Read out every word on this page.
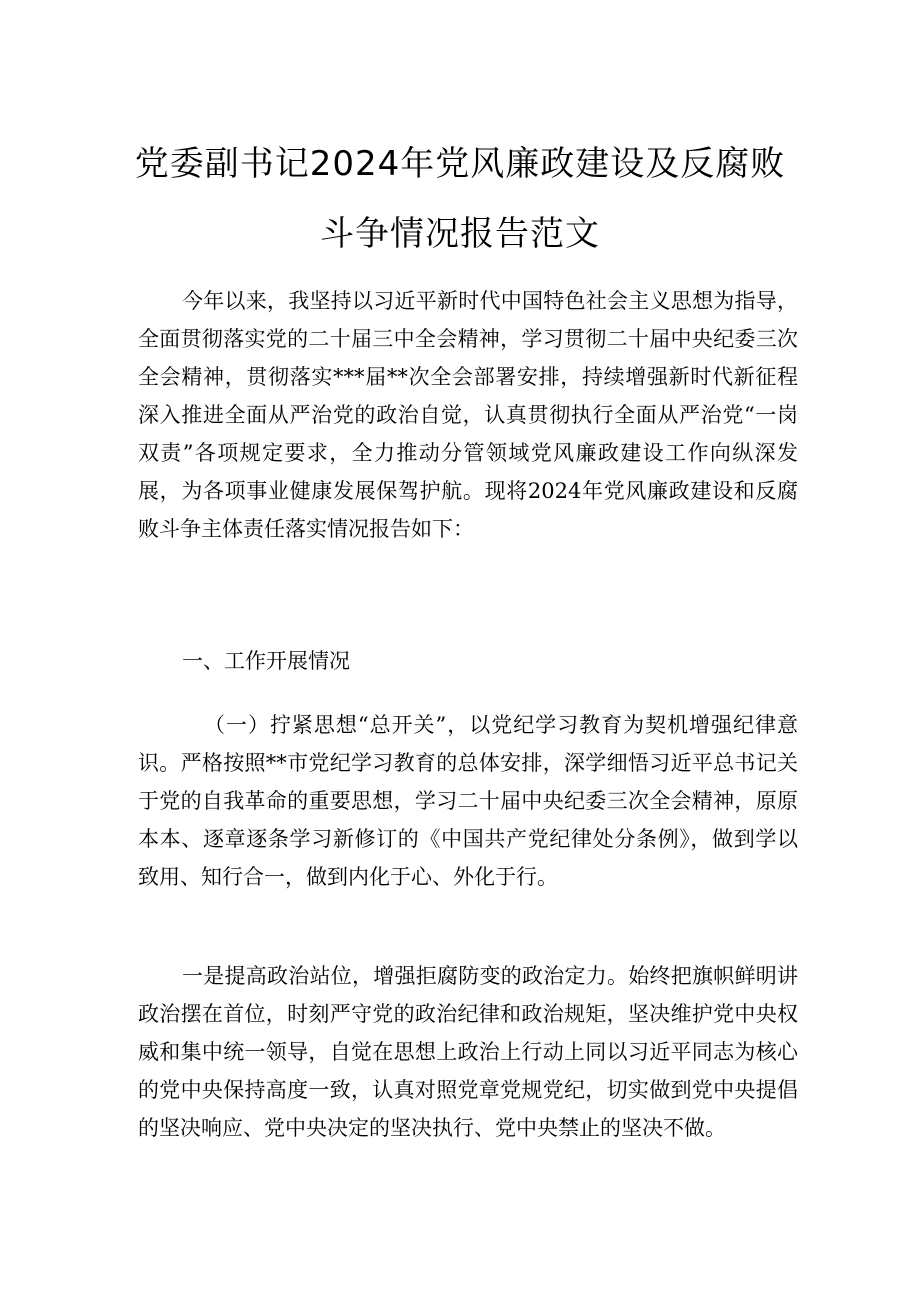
党委副书记2024年党风廉政建设及反腐败
斗争情况报告范文

今年以来，我坚持以习近平新时代中国特色社会主义思想为指导，全面贯彻落实党的二十届三中全会精神，学习贯彻二十届中央纪委三次全会精神，贯彻落实***届**次全会部署安排，持续增强新时代新征程深入推进全面从严治党的政治自觉，认真贯彻执行全面从严治党“一岗双责”各项规定要求，全力推动分管领域党风廉政建设工作向纵深发展，为各项事业健康发展保驾护航。现将2024年党风廉政建设和反腐败斗争主体责任落实情况报告如下：

一、工作开展情况

（一）拧紧思想“总开关”，以党纪学习教育为契机增强纪律意识。严格按照**市党纪学习教育的总体安排，深学细悟习近平总书记关于党的自我革命的重要思想，学习二十届中央纪委三次全会精神，原原本本、逐章逐条学习新修订的《中国共产党纪律处分条例》，做到学以致用、知行合一，做到内化于心、外化于行。

一是提高政治站位，增强拒腐防变的政治定力。始终把旗帜鲜明讲政治摆在首位，时刻严守党的政治纪律和政治规矩，坚决维护党中央权威和集中统一领导，自觉在思想上政治上行动上同以习近平同志为核心的党中央保持高度一致，认真对照党章党规党纪，切实做到党中央提倡的坚决响应、党中央决定的坚决执行、党中央禁止的坚决不做。
